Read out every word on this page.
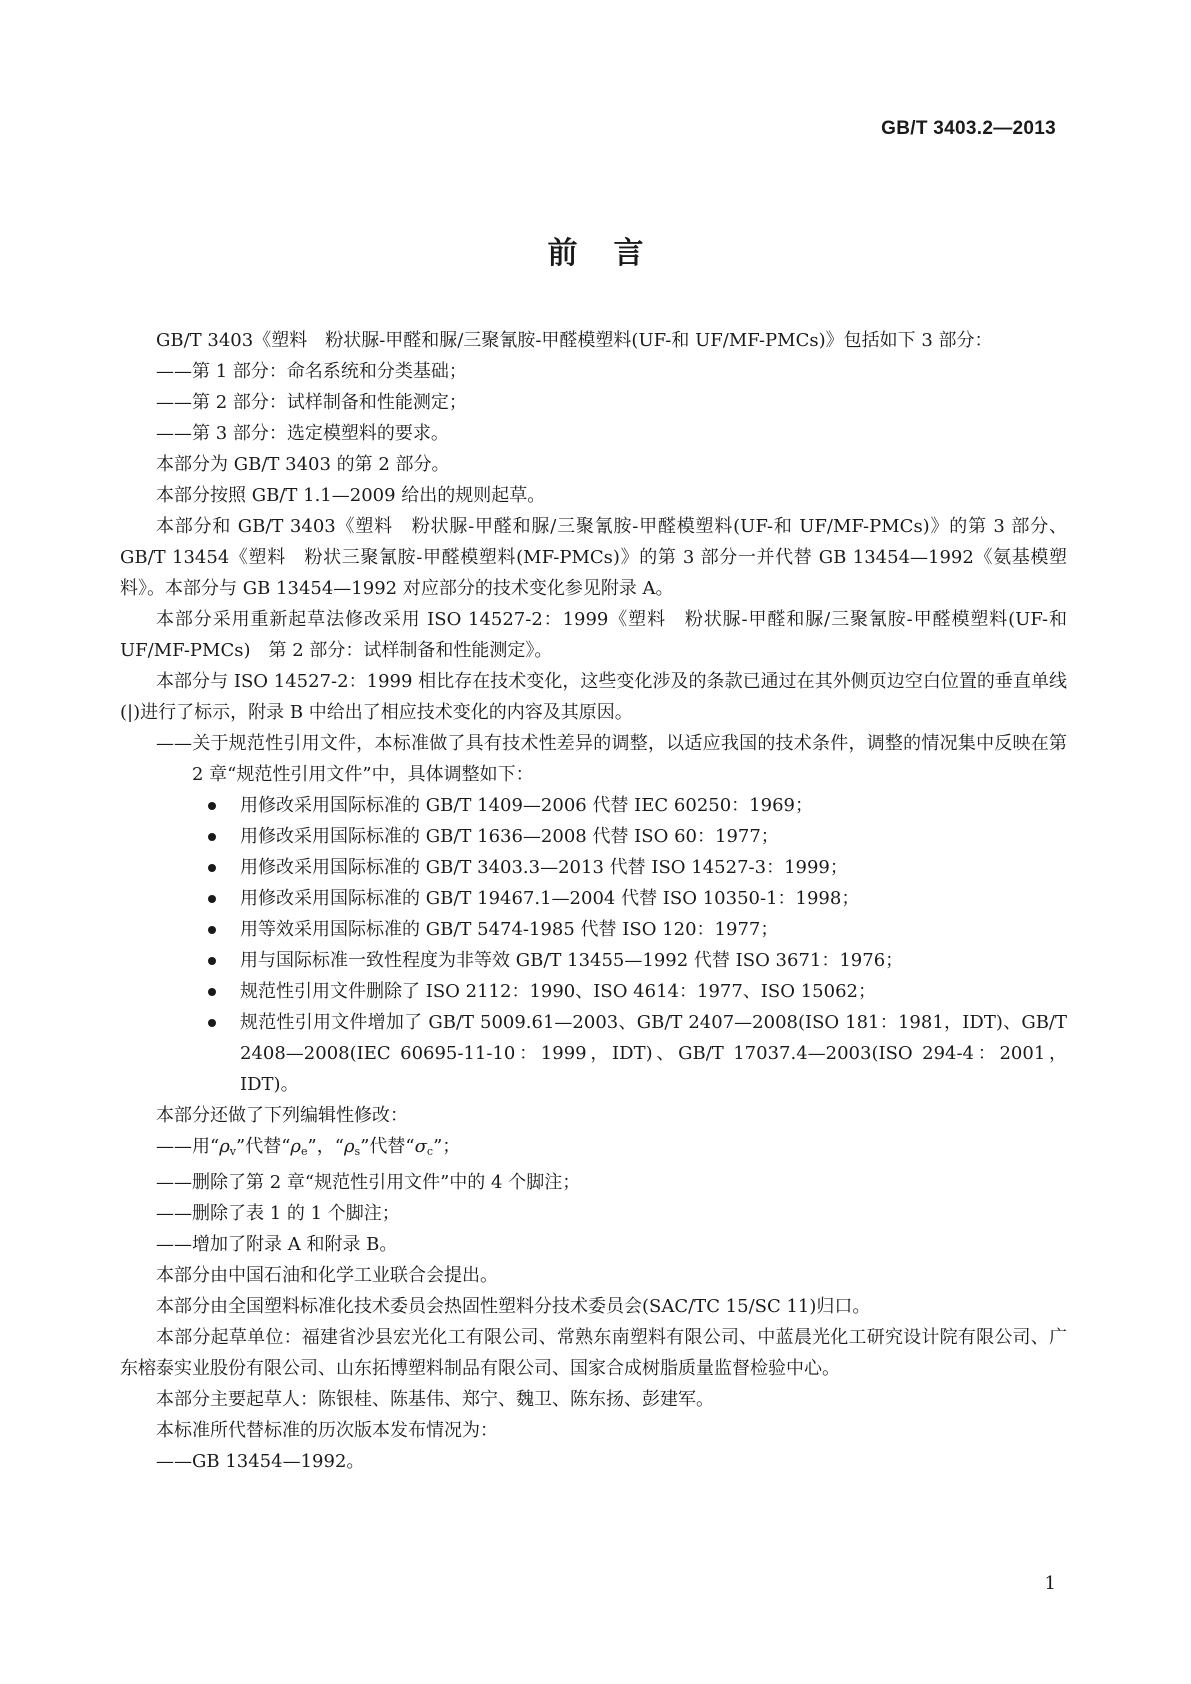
GB/T 3403.2—2013
前言

GB/T 3403《塑料　粉状脲-甲醛和脲/三聚氰胺-甲醛模塑料(UF-和 UF/MF-PMCs)》包括如下 3 部分：

——第 1 部分：命名系统和分类基础；

——第 2 部分：试样制备和性能测定；

——第 3 部分：选定模塑料的要求。

本部分为 GB/T 3403 的第 2 部分。

本部分按照 GB/T 1.1—2009 给出的规则起草。

本部分和 GB/T 3403《塑料　粉状脲-甲醛和脲/三聚氰胺-甲醛模塑料(UF-和 UF/MF-PMCs)》的第 3 部分、GB/T 13454《塑料　粉状三聚氰胺-甲醛模塑料(MF-PMCs)》的第 3 部分一并代替 GB 13454—1992《氨基模塑料》。本部分与 GB 13454—1992 对应部分的技术变化参见附录 A。

本部分采用重新起草法修改采用 ISO 14527-2：1999《塑料　粉状脲-甲醛和脲/三聚氰胺-甲醛模塑料(UF-和 UF/MF-PMCs)　第 2 部分：试样制备和性能测定》。

本部分与 ISO 14527-2：1999 相比存在技术变化，这些变化涉及的条款已通过在其外侧页边空白位置的垂直单线(|)进行了标示，附录 B 中给出了相应技术变化的内容及其原因。

——关于规范性引用文件，本标准做了具有技术性差异的调整，以适应我国的技术条件，调整的情况集中反映在第 2 章“规范性引用文件”中，具体调整如下：

用修改采用国际标准的 GB/T 1409—2006 代替 IEC 60250：1969；
用修改采用国际标准的 GB/T 1636—2008 代替 ISO 60：1977；
用修改采用国际标准的 GB/T 3403.3—2013 代替 ISO 14527-3：1999；
用修改采用国际标准的 GB/T 19467.1—2004 代替 ISO 10350-1：1998；
用等效采用国际标准的 GB/T 5474-1985 代替 ISO 120：1977；
用与国际标准一致性程度为非等效 GB/T 13455—1992 代替 ISO 3671：1976；
规范性引用文件删除了 ISO 2112：1990、ISO 4614：1977、ISO 15062；
规范性引用文件增加了 GB/T 5009.61—2003、GB/T 2407—2008(ISO 181：1981，IDT)、GB/T 2408—2008(IEC 60695-11-10：1999，IDT)、GB/T 17037.4—2003(ISO 294-4：2001，IDT)。

本部分还做了下列编辑性修改：

——用“$\rho_v$”代替“$\rho_e$”，“$\rho_s$”代替“$\sigma_c$”；

——删除了第 2 章“规范性引用文件”中的 4 个脚注；

——删除了表 1 的 1 个脚注；

——增加了附录 A 和附录 B。

本部分由中国石油和化学工业联合会提出。

本部分由全国塑料标准化技术委员会热固性塑料分技术委员会(SAC/TC 15/SC 11)归口。

本部分起草单位：福建省沙县宏光化工有限公司、常熟东南塑料有限公司、中蓝晨光化工研究设计院有限公司、广东榕泰实业股份有限公司、山东拓博塑料制品有限公司、国家合成树脂质量监督检验中心。

本部分主要起草人：陈银桂、陈基伟、郑宁、魏卫、陈东扬、彭建军。

本标准所代替标准的历次版本发布情况为：

——GB 13454—1992。

1
